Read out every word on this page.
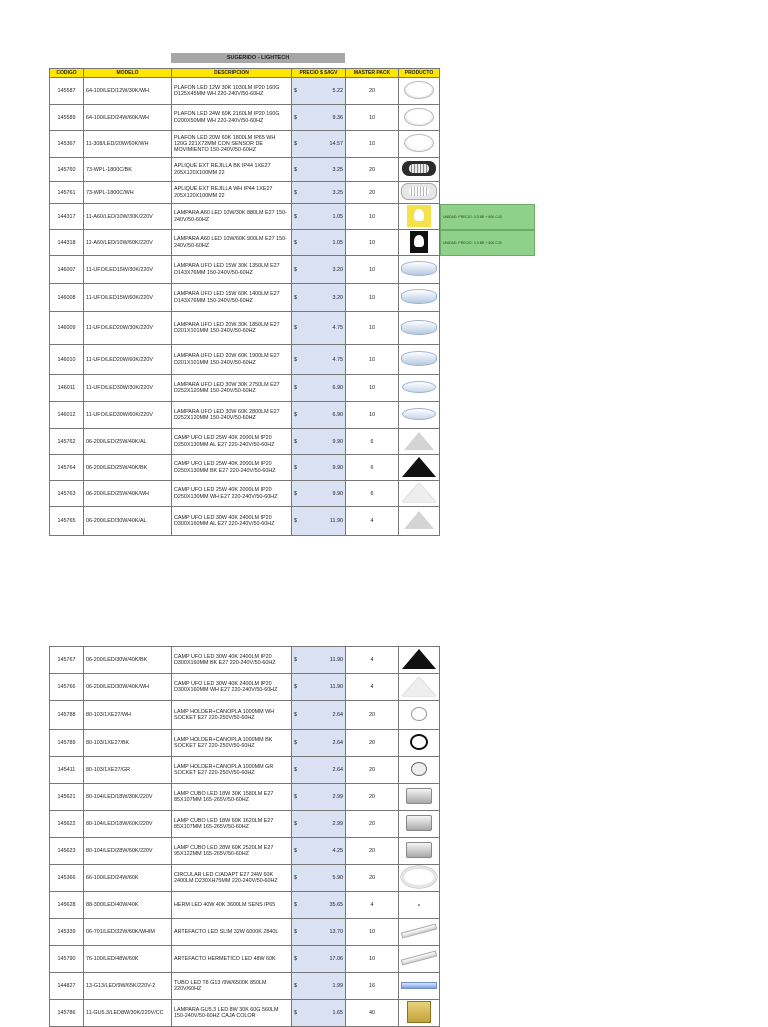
SUGERIDO - LIGHTECH
CODIGO	MODELO	DESCRIPCION	PRECIO $ S/IGV	MASTER PACK	PRODUCTO
145587	64-100/LED/12W/30K/WH	PLAFON LED 12W 30K 1030LM IP20 160G D125X45MM WH 220-240V/50-60HZ	$ 5.22	20	
145589	64-100/LED/24W/60K/WH	PLAFON LED 24W 60K 2160LM IP20 160G D200X50MM WH 220-240V/50-60HZ	$ 9.36	10	
145367	11-308/LED/20W/60K/WH	PLAFON LED 20W 60K 1800LM IP65 WH 120G 221X72MM CON SENSOR DE MOVIMIENTO 150-240V/50-60HZ	$ 14.57	10	
145760	73-WPL-1800C/BK	APLIQUE EXT REJILLA BK IP44 1XE27 205X120X100MM 22	$ 3.25	20	
145761	73-WPL-1800C/WH	APLIQUE EXT REJILLA WH IP44 1XE27 205X120X100MM 22	$ 3.25	20	
144317	11-A60/LED/10W/30K/220V	LAMPARA A60 LED 10W/30K 880LM E27 150-240V/50-60HZ	$ 1.05	10	
144318	11-A60/LED/10W/60K/220V	LAMPARA A60 LED 10W/60K 900LM E27 150-240V/50-60HZ	$ 1.05	10	
146007	11-UFO/LED15W/30K/220V	LAMPARA UFO LED 15W 30K 1350LM E27 D143X76MM 150-240V/50-60HZ	$ 3.20	10	
146008	11-UFO/LED15W/60K/220V	LAMPARA UFO LED 15W 60K 1400LM E27 D143X76MM 150-240V/50-60HZ	$ 3.20	10	
146009	11-UFO/LED20W/30K/220V	LAMPARA UFO LED 20W 30K 1850LM E27 D201X101MM 150-240V/50-60HZ	$ 4.75	10	
146010	11-UFO/LED20W/60K/220V	LAMPARA UFO LED 20W 60K 1900LM E27 D201X101MM 150-240V/50-60HZ	$ 4.75	10	
146011	11-UFO/LED30W/30K/220V	LAMPARA UFO LED 30W 30K 2750LM E27 D252X120MM 150-240V/50-60HZ	$ 6.90	10	
146012	11-UFO/LED30W/60K/220V	LAMPARA UFO LED 30W 60K 2800LM E27 D252X120MM 150-240V/50-60HZ	$ 6.90	10	
145762	06-200/LED/25W/40K/AL	CAMP UFO LED 25W 40K 2000LM IP20 D250X130MM AL E27 220-240V/50-60HZ	$ 9.90	6	
145764	06-200/LED/25W/40K/BK	CAMP UFO LED 25W 40K 2000LM IP20 D250X130MM BK E27 220-240V/50-60HZ	$ 9.90	6	
145763	06-200/LED/25W/40K/WH	CAMP UFO LED 25W 40K 2000LM IP20 D250X130MM WH E27 220-240V/50-60HZ	$ 9.90	6	
145765	06-200/LED/30W/40K/AL	CAMP UFO LED 30W 40K 2400LM IP20 D300X160MM AL E27 220-240V/50-60HZ	$ 11.90	4	
UNIDAD: PRECIO: 0.3 BR + 600 CJS
UNIDAD: PRECIO: 0.3 BR + 600 CJS
145767	06-200/LED/30W/40K/BK	CAMP UFO LED 30W 40K 2400LM IP20 D300X160MM BK E27 220-240V/50-60HZ	$ 11.90	4	
145766	06-200/LED/30W/40K/WH	CAMP UFO LED 30W 40K 2400LM IP20 D300X160MM WH E27 220-240V/50-60HZ	$ 11.90	4	
145788	80-103/1XE27/WH	LAMP HOLDER+CANOPLA 1000MM WH SOCKET E27 220-250V/50-60HZ	$ 2.64	20	
145789	80-103/1XE27/BK	LAMP HOLDER+CANOPLA 1000MM BK SOCKET E27 220-250V/50-60HZ	$ 2.64	20	
145411	80-103/1XE27/GR	LAMP HOLDER+CANOPLA 1000MM GR SOCKET E27 220-250V/50-60HZ	$ 2.64	20	
145621	80-104/LED/18W/30K/220V	LAMP CUBO LED 18W 30K 1580LM E27 85X107MM 165-265V/50-60HZ	$ 2.99	20	
145622	80-104/LED/18W/60K/220V	LAMP CUBO LED 18W 60K 1620LM E27 85X107MM 165-265V/50-60HZ	$ 2.99	20	
145623	80-104/LED/28W/60K/220V	LAMP CUBO LED 28W 60K 2520LM E27 95X122MM 165-265V/50-60HZ	$ 4.25	20	
145366	66-100/LED/24W/60K	CIRCULAR LED C/ADAPT E27 24W 60K 2400LM D230XH75MM 220-240V/50-60HZ	$ 5.90	20	
145628	88-300/LED/40W/40K	HERM LED 40W 40K 3600LM SENS IP65	$ 35.65	4	
145339	06-701/LED/32W/60K/WHIM	ARTEFACTO LED SLIM 32W 6000K 2840L	$ 13.70	10	
145790	76-100/LED/48W/60K	ARTEFACTO HERMETICO LED 48W 60K	$ 17.06	10	
144827	13-G13/LED/9W/65K/220V-2	TUBO LED T8 G13 /9W/6500K 850LM 220V/60HZ	$ 1.99	16	
145786	11-GU5.3/LED8W/30K/220V/CC	LAMPARA GU5.3 LED 8W 30K 60G 560LM 150-240V/50-60HZ CAJA COLOR	$ 1.65	40	
